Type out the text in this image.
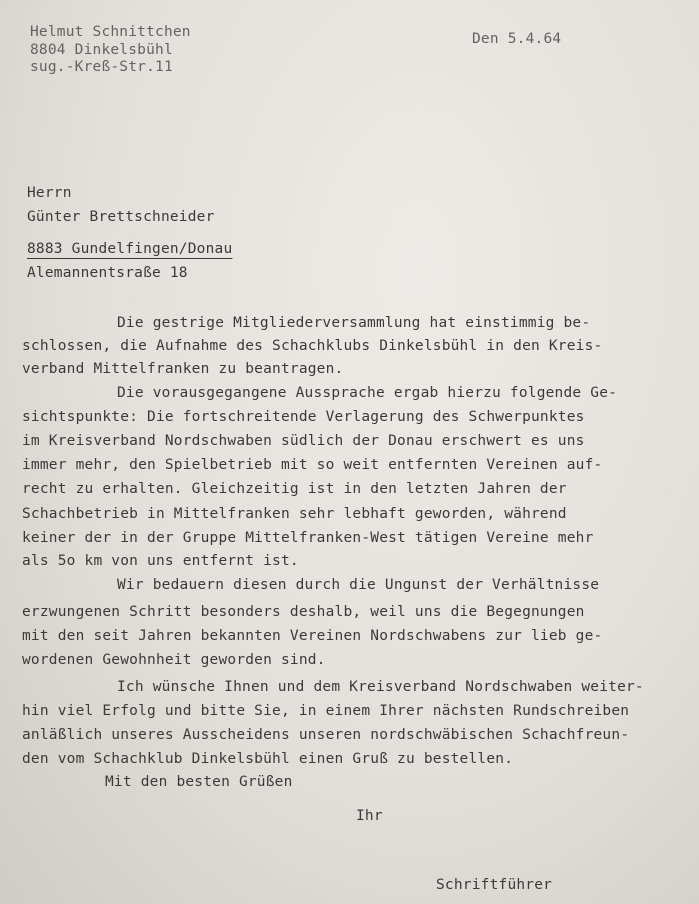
Helmut Schnittchen
8804 Dinkelsbühl
sug.-Kreß-Str.11
Den 5.4.64
Herrn
Günter Brettschneider
8883 Gundelfingen/Donau
Alemannentsraße 18
Die gestrige Mitgliederversammlung hat einstimmig be-
schlossen, die Aufnahme des Schachklubs Dinkelsbühl in den Kreis-
verband Mittelfranken zu beantragen.
Die vorausgegangene Aussprache ergab hierzu folgende Ge-
sichtspunkte: Die fortschreitende Verlagerung des Schwerpunktes
im Kreisverband Nordschwaben südlich der Donau erschwert es uns
immer mehr, den Spielbetrieb mit so weit entfernten Vereinen auf-
recht zu erhalten. Gleichzeitig ist in den letzten Jahren der
Schachbetrieb in Mittelfranken sehr lebhaft geworden, während
keiner der in der Gruppe Mittelfranken-West tätigen Vereine mehr
als 5o km von uns entfernt ist.
Wir bedauern diesen durch die Ungunst der Verhältnisse
erzwungenen Schritt besonders deshalb, weil uns die Begegnungen
mit den seit Jahren bekannten Vereinen Nordschwabens zur lieb ge-
wordenen Gewohnheit geworden sind.
Ich wünsche Ihnen und dem Kreisverband Nordschwaben weiter-
hin viel Erfolg und bitte Sie, in einem Ihrer nächsten Rundschreiben
anläßlich unseres Ausscheidens unseren nordschwäbischen Schachfreun-
den vom Schachklub Dinkelsbühl einen Gruß zu bestellen.
Mit den besten Grüßen
Ihr
Schriftführer
